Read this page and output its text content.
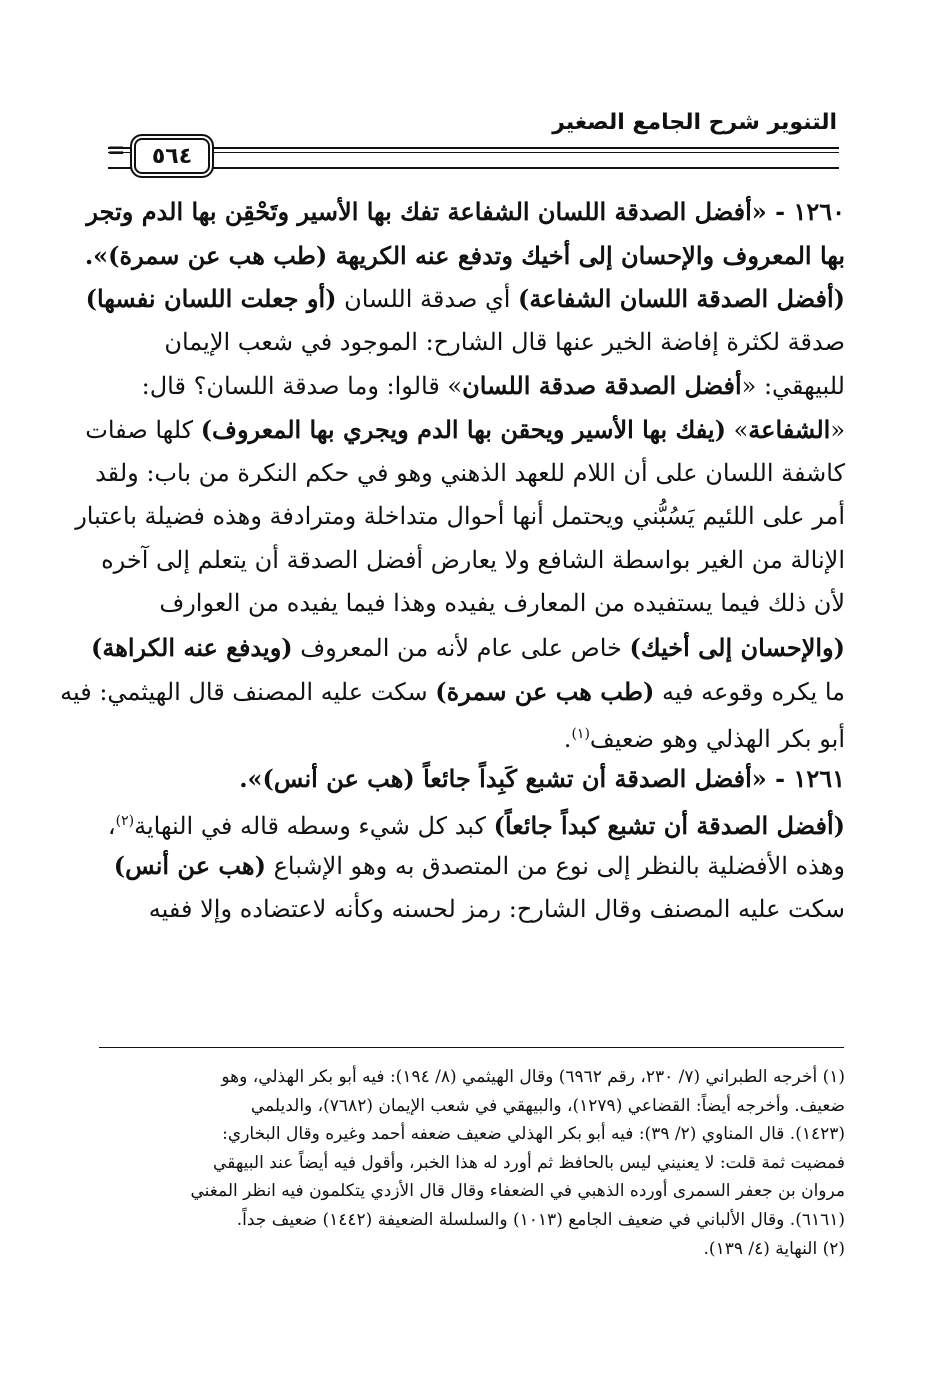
التنوير شرح الجامع الصغير
٥٦٤
=
١٢٦٠ - «أفضل الصدقة اللسان الشفاعة تفك بها الأسير وتَحْقِن بها الدم وتجر
بها المعروف والإحسان إلى أخيك وتدفع عنه الكريهة (طب هب عن سمرة)».
(أفضل الصدقة اللسان الشفاعة) أي صدقة اللسان (أو جعلت اللسان نفسها)
صدقة لكثرة إفاضة الخير عنها قال الشارح: الموجود في شعب الإيمان
للبيهقي: «أفضل الصدقة صدقة اللسان» قالوا: وما صدقة اللسان؟ قال:
«الشفاعة» (يفك بها الأسير ويحقن بها الدم ويجري بها المعروف) كلها صفات
كاشفة اللسان على أن اللام للعهد الذهني وهو في حكم النكرة من باب: ولقد
أمر على اللئيم يَسُبُّني ويحتمل أنها أحوال متداخلة ومترادفة وهذه فضيلة باعتبار
الإنالة من الغير بواسطة الشافع ولا يعارض أفضل الصدقة أن يتعلم إلى آخره
لأن ذلك فيما يستفيده من المعارف يفيده وهذا فيما يفيده من العوارف
(والإحسان إلى أخيك) خاص على عام لأنه من المعروف (ويدفع عنه الكراهة)
ما يكره وقوعه فيه (طب هب عن سمرة) سكت عليه المصنف قال الهيثمي: فيه
أبو بكر الهذلي وهو ضعيف$^{(١)}$.
١٢٦١ - «أفضل الصدقة أن تشبع كَبِداً جائعاً (هب عن أنس)».
(أفضل الصدقة أن تشبع كبداً جائعاً) كبد كل شيء وسطه قاله في النهاية$^{(٢)}$،
وهذه الأفضلية بالنظر إلى نوع من المتصدق به وهو الإشباع (هب عن أنس)
سكت عليه المصنف وقال الشارح: رمز لحسنه وكأنه لاعتضاده وإلا ففيه
(١) أخرجه الطبراني (٧/ ٢٣٠، رقم ٦٩٦٢) وقال الهيثمي (٨/ ١٩٤): فيه أبو بكر الهذلي، وهو
ضعيف. وأخرجه أيضاً: القضاعي (١٢٧٩)، والبيهقي في شعب الإيمان (٧٦٨٢)، والديلمي
(١٤٢٣). قال المناوي (٢/ ٣٩): فيه أبو بكر الهذلي ضعيف ضعفه أحمد وغيره وقال البخاري:
فمضيت ثمة قلت: لا يعنيني ليس بالحافظ ثم أورد له هذا الخبر، وأقول فيه أيضاً عند البيهقي
مروان بن جعفر السمرى أورده الذهبي في الضعفاء وقال قال الأزدي يتكلمون فيه انظر المغني
(٦١٦١). وقال الألباني في ضعيف الجامع (١٠١٣) والسلسلة الضعيفة (١٤٤٢) ضعيف جداً.
(٢) النهاية (٤/ ١٣٩).
